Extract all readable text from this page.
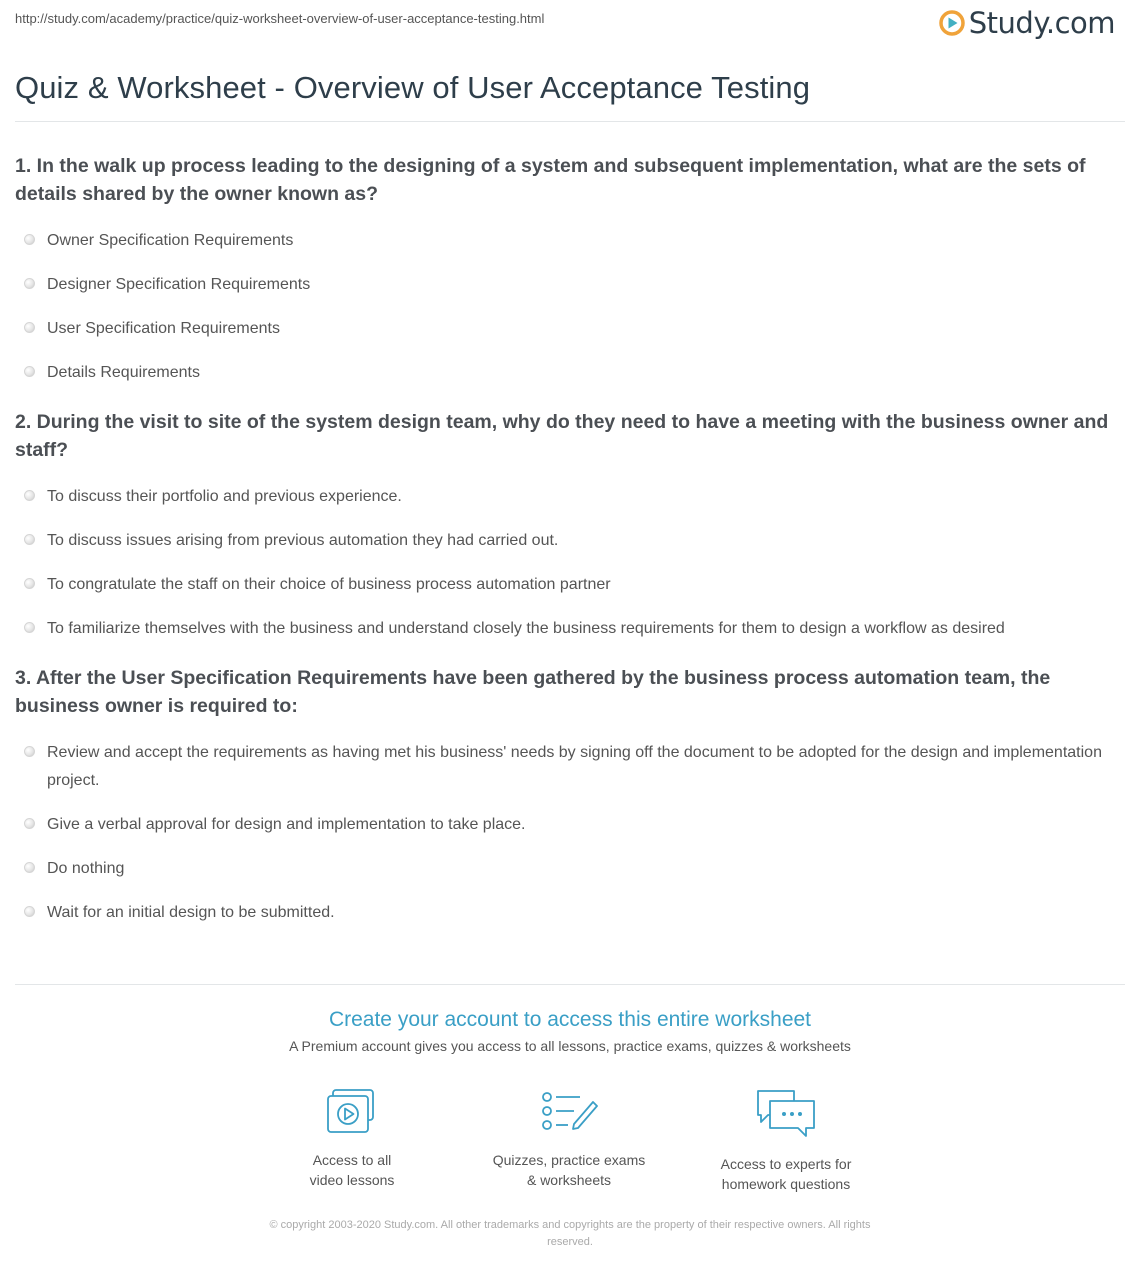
http://study.com/academy/practice/quiz-worksheet-overview-of-user-acceptance-testing.html	Study.com
Quiz & Worksheet - Overview of User Acceptance Testing
1. In the walk up process leading to the designing of a system and subsequent implementation, what are the sets of details shared by the owner known as?
Owner Specification Requirements
Designer Specification Requirements
User Specification Requirements
Details Requirements
2. During the visit to site of the system design team, why do they need to have a meeting with the business owner and staff?
To discuss their portfolio and previous experience.
To discuss issues arising from previous automation they had carried out.
To congratulate the staff on their choice of business process automation partner
To familiarize themselves with the business and understand closely the business requirements for them to design a workflow as desired
3. After the User Specification Requirements have been gathered by the business process automation team, the business owner is required to:
Review and accept the requirements as having met his business' needs by signing off the document to be adopted for the design and implementation project.
Give a verbal approval for design and implementation to take place.
Do nothing
Wait for an initial design to be submitted.
Create your account to access this entire worksheet
A Premium account gives you access to all lessons, practice exams, quizzes & worksheets
Access to all
video lessons
Quizzes, practice exams
& worksheets
Access to experts for
homework questions
© copyright 2003-2020 Study.com. All other trademarks and copyrights are the property of their respective owners. All rights
reserved.
